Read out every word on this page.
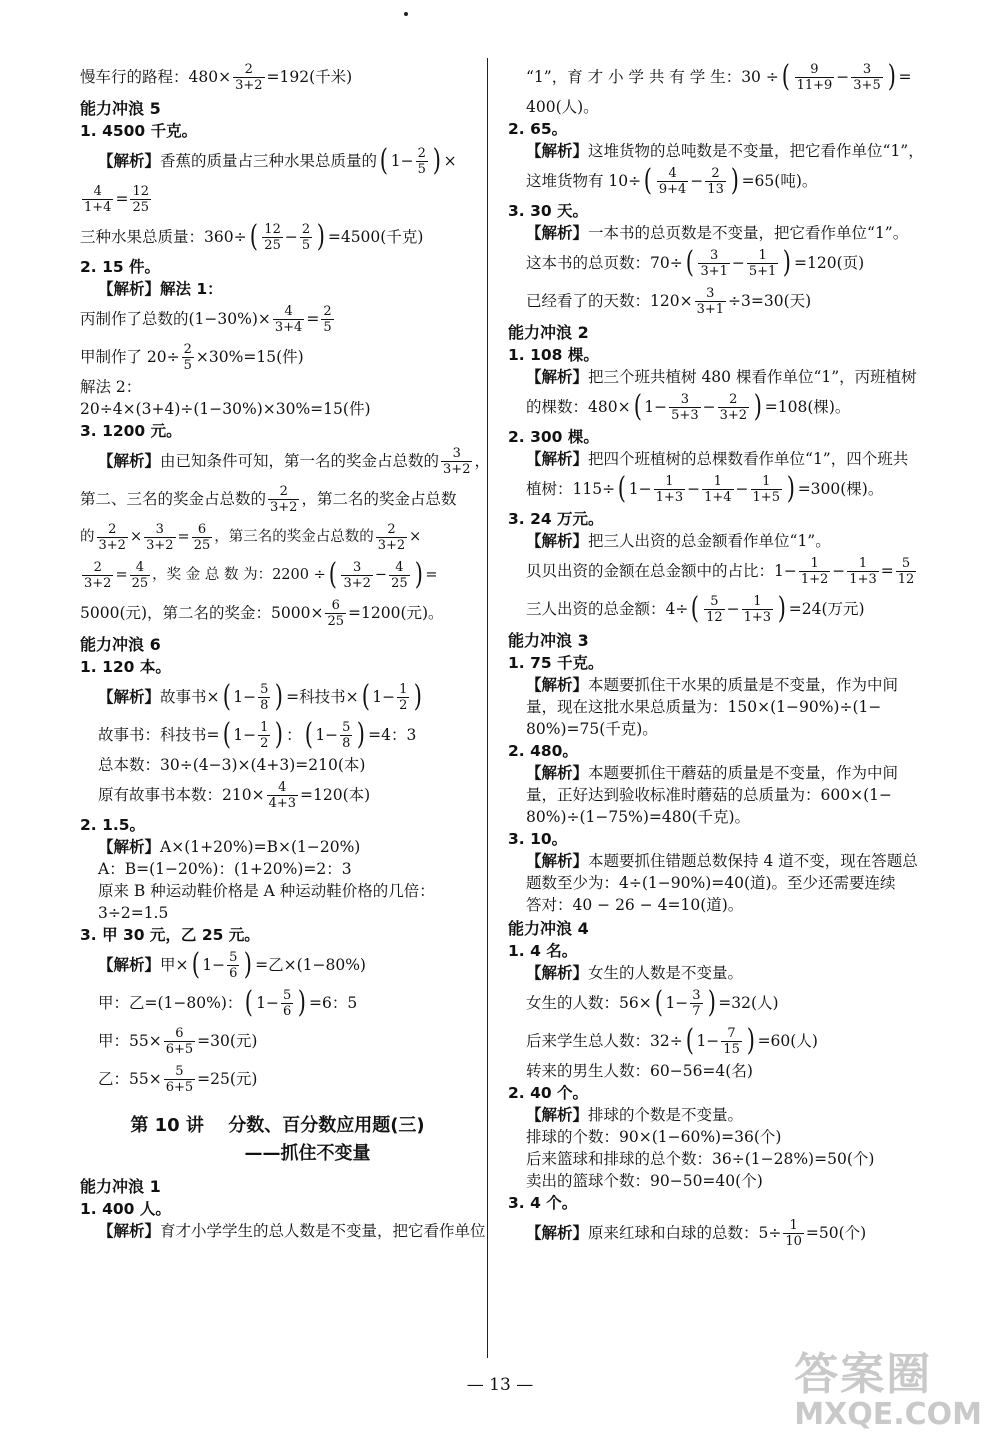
慢车行的路程：$480\times \frac{2}{3+2} =192$(千米)
能力冲浪 5
1. 4500 千克。
【解析】 香蕉的质量占三种水果总质量的 ( $1- \frac{2}{5}$ ) ×
$\frac{4}{1+4} = \frac{12}{25}$
三种水果总质量：360÷ ( $\frac{12}{25} - \frac{2}{5}$ ) =4500(千克)
2. 15 件。
【解析】解法 1：
丙制作了总数的$(1-30\%)\times \frac{4}{3+4} = \frac{2}{5}$
甲制作了 $20\div \frac{2}{5} \times 30\%=15$(件)
解法 2：
20÷4×(3+4)÷(1−30%)×30%=15(件)
3. 1200 元。
【解析】 由已知条件可知，第一名的奖金占总数的 $\frac{3}{3+2}$ ，
第二、三名的奖金占总数的 $\frac{2}{3+2}$ ，第二名的奖金占总数
的 $\frac{2}{3+2} \times \frac{3}{3+2} = \frac{6}{25}$ ，第三名的奖金占总数的 $\frac{2}{3+2}$ ×
$\frac{2}{3+2} = \frac{4}{25}$ ，奖 金 总 数 为：2200 ÷ ( $\frac{3}{3+2} - \frac{4}{25}$ ) =
5000(元)，第二名的奖金：$5000\times \frac{6}{25} =1200$(元)。
能力冲浪 6
1. 120 本。
【解析】 故事书× ( $1- \frac{5}{8}$ ) =科技书× ( $1- \frac{1}{2}$ )
故事书：科技书= ( $1- \frac{1}{2}$ ) ： ( $1- \frac{5}{8}$ ) =4：3
总本数：30÷(4−3)×(4+3)=210(本)
原有故事书本数：$210\times \frac{4}{4+3} =120$(本)
2. 1.5。
【解析】 A×(1+20%)=B×(1−20%)
A：B=(1−20%)：(1+20%)=2：3
原来 B 种运动鞋价格是 A 种运动鞋价格的几倍：
3÷2=1.5
3. 甲 30 元，乙 25 元。
【解析】 甲× ( $1- \frac{5}{6}$ ) =乙×(1−80%)
甲：乙=(1−80%)： ( $1- \frac{5}{6}$ ) =6：5
甲：$55\times \frac{6}{6+5} =30$(元)
乙：$55\times \frac{5}{6+5} =25$(元)
第 10 讲　 分数、百分数应用题(三)
——抓住不变量
能力冲浪 1
1. 400 人。
【解析】 育才小学学生的总人数是不变量，把它看作单位
“1”，育 才 小 学 共 有 学 生：30 ÷ ( $\frac{9}{11+9} - \frac{3}{3+5}$ ) =
400(人)。
2. 65。
【解析】 这堆货物的总吨数是不变量，把它看作单位“1”，
这堆货物有 10÷ ( $\frac{4}{9+4} - \frac{2}{13}$ ) =65(吨)。
3. 30 天。
【解析】 一本书的总页数是不变量，把它看作单位“1”。
这本书的总页数：70÷ ( $\frac{3}{3+1} - \frac{1}{5+1}$ ) =120(页)
已经看了的天数：$120\times \frac{3}{3+1} \div 3=30$(天)
能力冲浪 2
1. 108 棵。
【解析】 把三个班共植树 480 棵看作单位“1”，丙班植树
的棵数：480× ( $1- \frac{3}{5+3} - \frac{2}{3+2}$ ) =108(棵)。
2. 300 棵。
【解析】 把四个班植树的总棵数看作单位“1”，四个班共
植树：115÷ ( $1- \frac{1}{1+3} - \frac{1}{1+4} - \frac{1}{1+5}$ ) =300(棵)。
3. 24 万元。
【解析】 把三人出资的总金额看作单位“1”。
贝贝出资的金额在总金额中的占比：$1- \frac{1}{1+2} - \frac{1}{1+3} = \frac{5}{12}$
三人出资的总金额：4÷ ( $\frac{5}{12} - \frac{1}{1+3}$ ) =24(万元)
能力冲浪 3
1. 75 千克。
【解析】 本题要抓住干水果的质量是不变量，作为中间
量，现在这批水果总质量为：150×(1−90%)÷(1−
80%)=75(千克)。
2. 480。
【解析】 本题要抓住干蘑菇的质量是不变量，作为中间
量，正好达到验收标准时蘑菇的总质量为：600×(1−
80%)÷(1−75%)=480(千克)。
3. 10。
【解析】 本题要抓住错题总数保持 4 道不变，现在答题总
题数至少为：4÷(1−90%)=40(道)。至少还需要连续
答对：40 − 26 − 4=10(道)。
能力冲浪 4
1. 4 名。
【解析】 女生的人数是不变量。
女生的人数：56× ( $1- \frac{3}{7}$ ) =32(人)
后来学生总人数：32÷ ( $1- \frac{7}{15}$ ) =60(人)
转来的男生人数：60−56=4(名)
2. 40 个。
【解析】 排球的个数是不变量。
排球的个数：90×(1−60%)=36(个)
后来篮球和排球的总个数：36÷(1−28%)=50(个)
卖出的篮球个数：90−50=40(个)
3. 4 个。
【解析】 原来红球和白球的总数：$5\div \frac{1}{10} =50$(个)
— 13 —	答案圈
MXQE.COM
